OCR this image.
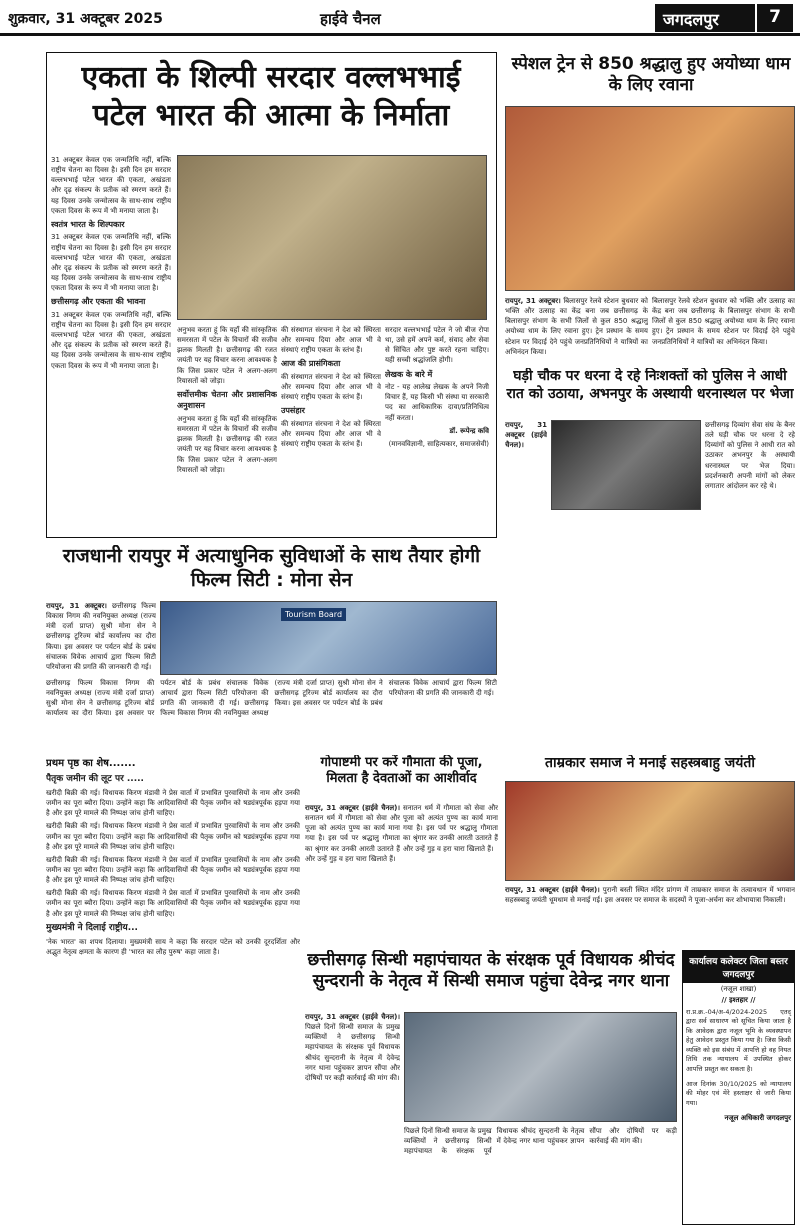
शुक्रवार, 31 अक्टूबर 2025	हाईवे चैनल	जगदलपुर	7
एकता के शिल्पी सरदार वल्लभभाई पटेल भारत की आत्मा के निर्माता

31 अक्टूबर केवल एक जन्मतिथि नहीं, बल्कि राष्ट्रीय चेतना का दिवस है। इसी दिन हम सरदार वल्लभभाई पटेल भारत की एकता, अखंडता और दृढ़ संकल्प के प्रतीक को स्मरण करते हैं। यह दिवस उनके जन्मोत्सव के साथ-साथ राष्ट्रीय एकता दिवस के रूप में भी मनाया जाता है।

स्वतंत्र भारत के शिल्पकार

31 अक्टूबर केवल एक जन्मतिथि नहीं, बल्कि राष्ट्रीय चेतना का दिवस है। इसी दिन हम सरदार वल्लभभाई पटेल भारत की एकता, अखंडता और दृढ़ संकल्प के प्रतीक को स्मरण करते हैं। यह दिवस उनके जन्मोत्सव के साथ-साथ राष्ट्रीय एकता दिवस के रूप में भी मनाया जाता है।

छत्तीसगढ़ और एकता की भावना

31 अक्टूबर केवल एक जन्मतिथि नहीं, बल्कि राष्ट्रीय चेतना का दिवस है। इसी दिन हम सरदार वल्लभभाई पटेल भारत की एकता, अखंडता और दृढ़ संकल्प के प्रतीक को स्मरण करते हैं। यह दिवस उनके जन्मोत्सव के साथ-साथ राष्ट्रीय एकता दिवस के रूप में भी मनाया जाता है।

अनुभव करता हूं कि यहाँ की सांस्कृतिक समरसता में पटेल के विचारों की सजीव झलक मिलती है। छत्तीसगढ़ की रजत जयंती पर यह विचार करना आवश्यक है कि जिस प्रकार पटेल ने अलग-अलग रियासतों को जोड़ा।

सर्वोत्तमीक चेतना और प्रशासनिक अनुशासन

अनुभव करता हूं कि यहाँ की सांस्कृतिक समरसता में पटेल के विचारों की सजीव झलक मिलती है। छत्तीसगढ़ की रजत जयंती पर यह विचार करना आवश्यक है कि जिस प्रकार पटेल ने अलग-अलग रियासतों को जोड़ा।

की संस्थागत संरचना ने देश को स्थिरता और समन्वय दिया और आज भी वे संस्थाएं राष्ट्रीय एकता के स्तंभ हैं।

आज की प्रासंगिकता

की संस्थागत संरचना ने देश को स्थिरता और समन्वय दिया और आज भी वे संस्थाएं राष्ट्रीय एकता के स्तंभ हैं।

उपसंहार

की संस्थागत संरचना ने देश को स्थिरता और समन्वय दिया और आज भी वे संस्थाएं राष्ट्रीय एकता के स्तंभ हैं।

सरदार वल्लभभाई पटेल ने जो बीज रोपा था, उसे हमें अपने कर्म, संवाद और सेवा से सिंचित और पुष्ट करते रहना चाहिए। यही सच्ची श्रद्धांजलि होगी।

लेखक के बारे में

नोट - यह आलेख लेखक के अपने निजी विचार हैं, यह किसी भी संस्था या सरकारी पद का आधिकारिक दावा/प्रतिनिधित्व नहीं करता।

डॉ. रूपेन्द्र कवि

(मानवविज्ञानी, साहित्यकार, समाजसेवी)

स्पेशल ट्रेन से 850 श्रद्धालु हुए अयोध्या धाम के लिए रवाना
रायपुर, 31 अक्टूबर। बिलासपुर रेलवे स्टेशन बुधवार को भक्ति और उत्साह का केंद्र बना जब छत्तीसगढ़ के बिलासपुर संभाग के सभी जिलों से कुल 850 श्रद्धालु अयोध्या धाम के लिए रवाना हुए। ट्रेन प्रस्थान के समय स्टेशन पर विदाई देने पहुंचे जनप्रतिनिधियों ने यात्रियों का अभिनंदन किया।
बिलासपुर रेलवे स्टेशन बुधवार को भक्ति और उत्साह का केंद्र बना जब छत्तीसगढ़ के बिलासपुर संभाग के सभी जिलों से कुल 850 श्रद्धालु अयोध्या धाम के लिए रवाना हुए। ट्रेन प्रस्थान के समय स्टेशन पर विदाई देने पहुंचे जनप्रतिनिधियों ने यात्रियों का अभिनंदन किया।
घड़ी चौक पर धरना दे रहे निःशक्तों को पुलिस ने आधी रात को उठाया, अभनपुर के अस्थायी धरनास्थल पर भेजा
रायपुर, 31 अक्टूबर (हाईवे चैनल)।
छत्तीसगढ़ दिव्यांग सेवा संघ के बैनर तले घड़ी चौक पर धरना दे रहे दिव्यांगों को पुलिस ने आधी रात को उठाकर अभनपुर के अस्थायी धरनास्थल पर भेज दिया। प्रदर्शनकारी अपनी मांगों को लेकर लगातार आंदोलन कर रहे थे।
राजधानी रायपुर में अत्याधुनिक सुविधाओं के साथ तैयार होगी फिल्म सिटी : मोना सेन
रायपुर, 31 अक्टूबर। छत्तीसगढ़ फिल्म विकास निगम की नवनियुक्त अध्यक्ष (राज्य मंत्री दर्जा प्राप्त) सुश्री मोना सेन ने छत्तीसगढ़ टूरिज्म बोर्ड कार्यालय का दौरा किया। इस अवसर पर पर्यटन बोर्ड के प्रबंध संचालक विवेक आचार्य द्वारा फिल्म सिटी परियोजना की प्रगति की जानकारी दी गई।
Tourism Board
छत्तीसगढ़ फिल्म विकास निगम की नवनियुक्त अध्यक्ष (राज्य मंत्री दर्जा प्राप्त) सुश्री मोना सेन ने छत्तीसगढ़ टूरिज्म बोर्ड कार्यालय का दौरा किया। इस अवसर पर पर्यटन बोर्ड के प्रबंध संचालक विवेक आचार्य द्वारा फिल्म सिटी परियोजना की प्रगति की जानकारी दी गई। छत्तीसगढ़ फिल्म विकास निगम की नवनियुक्त अध्यक्ष (राज्य मंत्री दर्जा प्राप्त) सुश्री मोना सेन ने छत्तीसगढ़ टूरिज्म बोर्ड कार्यालय का दौरा किया। इस अवसर पर पर्यटन बोर्ड के प्रबंध संचालक विवेक आचार्य द्वारा फिल्म सिटी परियोजना की प्रगति की जानकारी दी गई।
प्रथम पृष्ठ का शेष.......
पैतृक जमीन की लूट पर .....

खरीदी बिक्री की गई। विधायक किरण मंडावी ने प्रेस वार्ता में प्रभावित पुरवासियों के नाम और उनकी जमीन का पूरा ब्यौरा दिया। उन्होंने कहा कि आदिवासियों की पैतृक जमीन को षड्यंत्रपूर्वक हड़पा गया है और इस पूरे मामले की निष्पक्ष जांच होनी चाहिए।

खरीदी बिक्री की गई। विधायक किरण मंडावी ने प्रेस वार्ता में प्रभावित पुरवासियों के नाम और उनकी जमीन का पूरा ब्यौरा दिया। उन्होंने कहा कि आदिवासियों की पैतृक जमीन को षड्यंत्रपूर्वक हड़पा गया है और इस पूरे मामले की निष्पक्ष जांच होनी चाहिए।

खरीदी बिक्री की गई। विधायक किरण मंडावी ने प्रेस वार्ता में प्रभावित पुरवासियों के नाम और उनकी जमीन का पूरा ब्यौरा दिया। उन्होंने कहा कि आदिवासियों की पैतृक जमीन को षड्यंत्रपूर्वक हड़पा गया है और इस पूरे मामले की निष्पक्ष जांच होनी चाहिए।

खरीदी बिक्री की गई। विधायक किरण मंडावी ने प्रेस वार्ता में प्रभावित पुरवासियों के नाम और उनकी जमीन का पूरा ब्यौरा दिया। उन्होंने कहा कि आदिवासियों की पैतृक जमीन को षड्यंत्रपूर्वक हड़पा गया है और इस पूरे मामले की निष्पक्ष जांच होनी चाहिए।

मुख्यमंत्री ने दिलाई राष्ट्रीय...

'नेक भारत' का शपथ दिलाया। मुख्यमंत्री साय ने कहा कि सरदार पटेल को उनकी दूरदर्शिता और अद्भुत नेतृत्व क्षमता के कारण ही 'भारत का लौह पुरुष' कहा जाता है।

गोपाष्टमी पर करें गौमाता की पूजा, मिलता है देवताओं का आशीर्वाद
रायपुर, 31 अक्टूबर (हाईवे चैनल)। सनातन धर्म में गौमाता को सेवा और पूजा को अत्यंत पुण्य का कार्य माना गया है। इस पर्व पर श्रद्धालु गौमाता का श्रृंगार कर उनकी आरती उतारते हैं और उन्हें गुड़ व हरा चारा खिलाते हैं।
सनातन धर्म में गौमाता को सेवा और पूजा को अत्यंत पुण्य का कार्य माना गया है। इस पर्व पर श्रद्धालु गौमाता का श्रृंगार कर उनकी आरती उतारते हैं और उन्हें गुड़ व हरा चारा खिलाते हैं।
ताम्रकार समाज ने मनाई सहस्त्रबाहु जयंती
रायपुर, 31 अक्टूबर (हाईवे चैनल)। पुरानी बस्ती स्थित मंदिर प्रांगण में ताम्रकार समाज के तत्वावधान में भगवान सहस्त्रबाहु जयंती धूमधाम से मनाई गई। इस अवसर पर समाज के सदस्यों ने पूजा-अर्चना कर शोभायात्रा निकाली।
छत्तीसगढ़ सिन्धी महापंचायत के संरक्षक पूर्व विधायक श्रीचंद सुन्दरानी के नेतृत्व में सिन्धी समाज पहुंचा देवेन्द्र नगर थाना
रायपुर, 31 अक्टूबर (हाईवे चैनल)। पिछले दिनों सिन्धी समाज के प्रमुख व्यक्तियों ने छत्तीसगढ़ सिन्धी महापंचायत के संरक्षक पूर्व विधायक श्रीचंद सुन्दरानी के नेतृत्व में देवेन्द्र नगर थाना पहुंचकर ज्ञापन सौंपा और दोषियों पर कड़ी कार्रवाई की मांग की।
पिछले दिनों सिन्धी समाज के प्रमुख व्यक्तियों ने छत्तीसगढ़ सिन्धी महापंचायत के संरक्षक पूर्व विधायक श्रीचंद सुन्दरानी के नेतृत्व में देवेन्द्र नगर थाना पहुंचकर ज्ञापन सौंपा और दोषियों पर कड़ी कार्रवाई की मांग की।
कार्यालय कलेक्टर जिला बस्तर जगदलपुर
(नजूल शाखा)
// इश्तहार //
रा.प्र.क्र.-04/अ-4/2024-2025 एतद् द्वारा सर्व साधारण को सूचित किया जाता है कि आवेदक द्वारा नजूल भूमि के व्यवस्थापन हेतु आवेदन प्रस्तुत किया गया है। जिस किसी व्यक्ति को इस संबंध में आपत्ति हो वह नियत तिथि तक न्यायालय में उपस्थित होकर आपत्ति प्रस्तुत कर सकता है।
आज दिनांक 30/10/2025 को न्यायालय की मोहर एवं मेरे हस्ताक्षर से जारी किया गया।
नजूल अधिकारी जगदलपुर
